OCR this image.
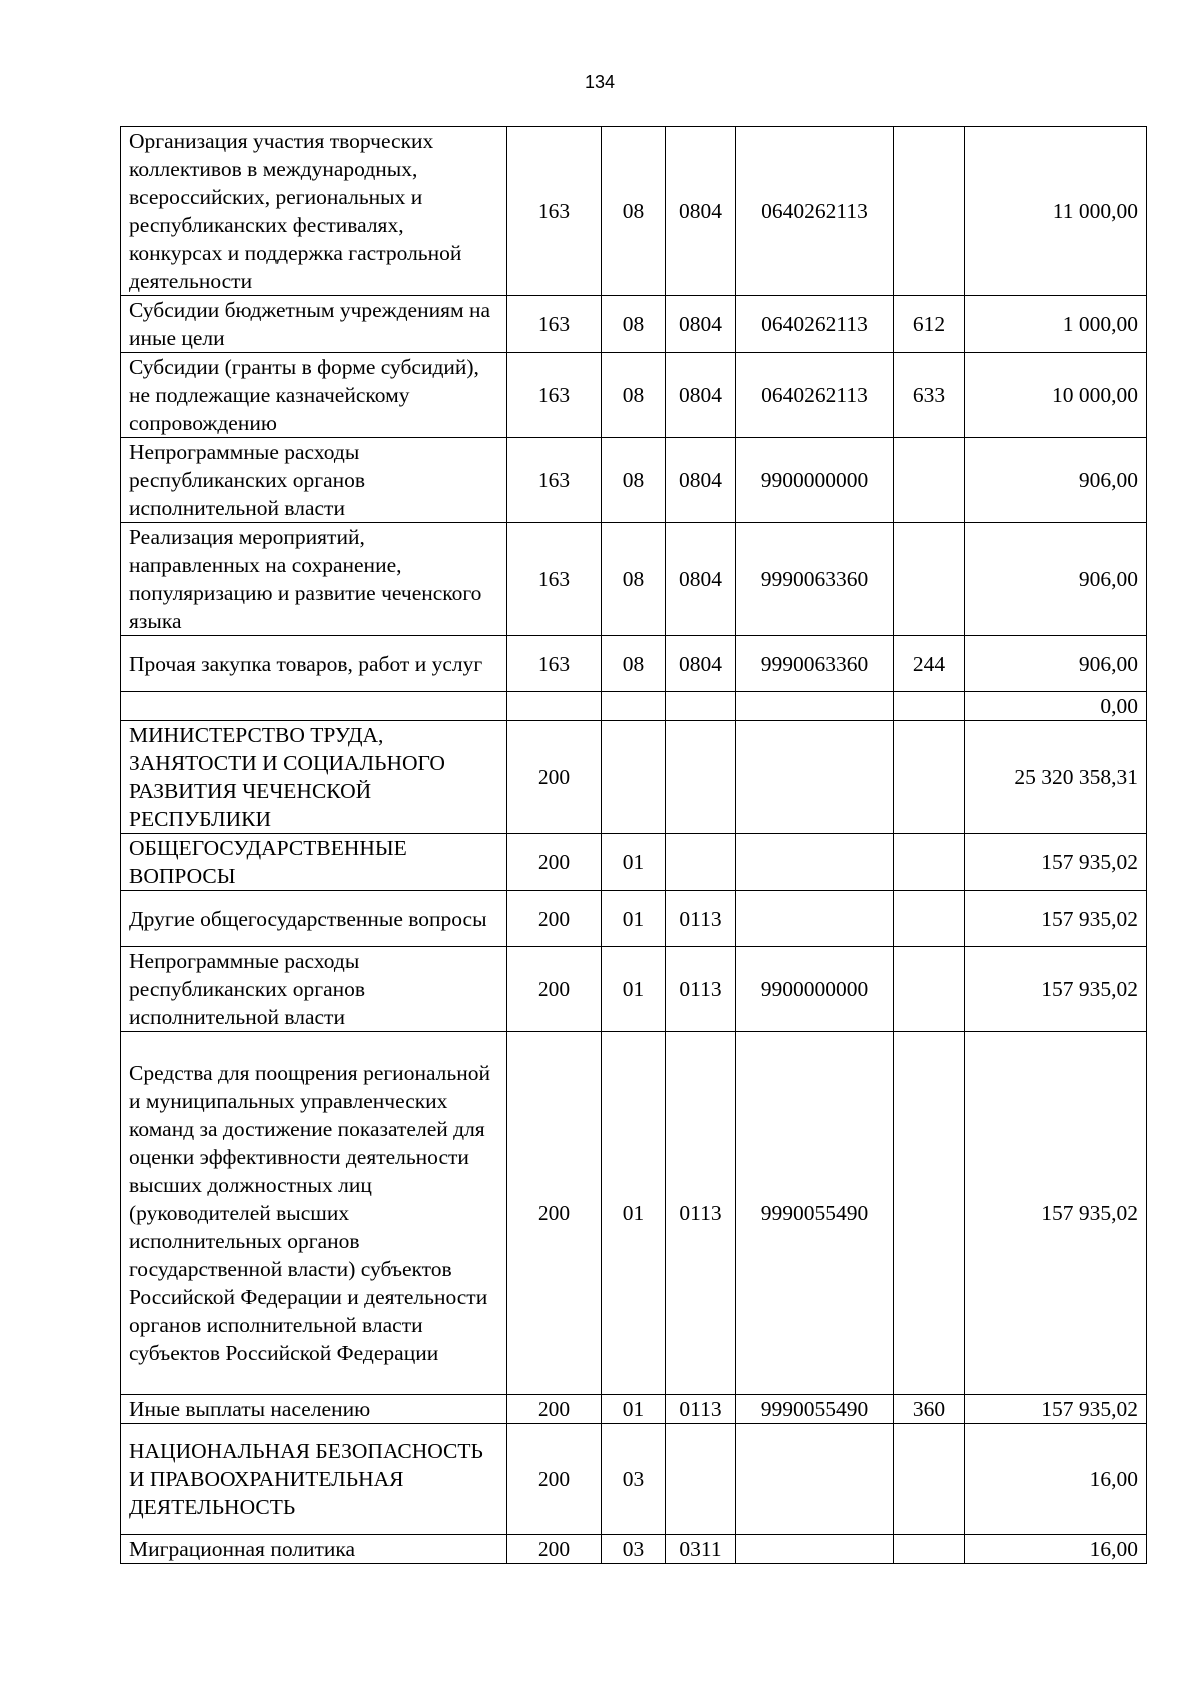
134
Организация участия творческих коллективов в международных, всероссийских, региональных и республиканских фестивалях, конкурсах и поддержка гастрольной деятельности	163	08	0804	0640262113		11 000,00
Субсидии бюджетным учреждениям на иные цели	163	08	0804	0640262113	612	1 000,00
Субсидии (гранты в форме субсидий), не подлежащие казначейскому сопровождению	163	08	0804	0640262113	633	10 000,00
Непрограммные расходы республиканских органов исполнительной власти	163	08	0804	9900000000		906,00
Реализация мероприятий, направленных на сохранение, популяризацию и развитие чеченского языка	163	08	0804	9990063360		906,00
Прочая закупка товаров, работ и услуг	163	08	0804	9990063360	244	906,00
						0,00
МИНИСТЕРСТВО ТРУДА, ЗАНЯТОСТИ И СОЦИАЛЬНОГО РАЗВИТИЯ ЧЕЧЕНСКОЙ РЕСПУБЛИКИ	200					25 320 358,31
ОБЩЕГОСУДАРСТВЕННЫЕ ВОПРОСЫ	200	01				157 935,02
Другие общегосударственные вопросы	200	01	0113			157 935,02
Непрограммные расходы республиканских органов исполнительной власти	200	01	0113	9900000000		157 935,02
Средства для поощрения региональной и муниципальных управленческих команд за достижение показателей для оценки эффективности деятельности высших должностных лиц (руководителей высших исполнительных органов государственной власти) субъектов Российской Федерации и деятельности органов исполнительной власти субъектов Российской Федерации	200	01	0113	9990055490		157 935,02
Иные выплаты населению	200	01	0113	9990055490	360	157 935,02
НАЦИОНАЛЬНАЯ БЕЗОПАСНОСТЬ И ПРАВООХРАНИТЕЛЬНАЯ ДЕЯТЕЛЬНОСТЬ	200	03				16,00
Миграционная политика	200	03	0311			16,00
